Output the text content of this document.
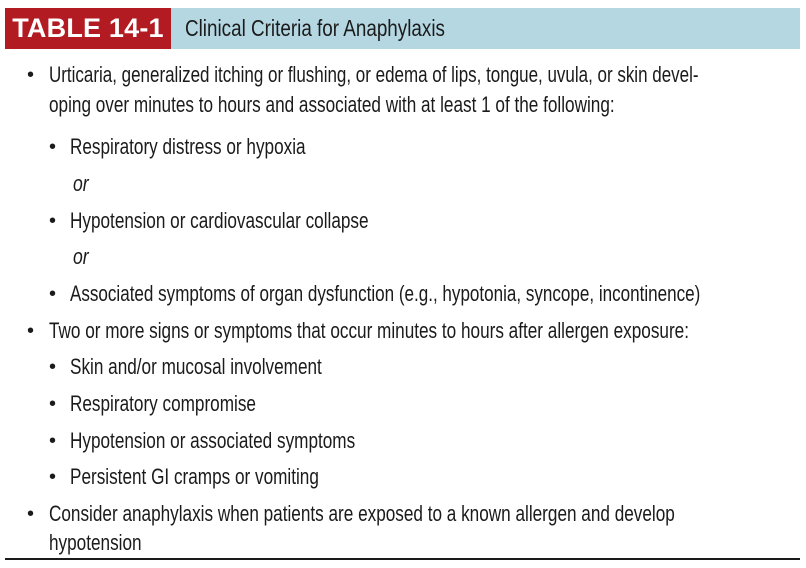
TABLE 14-1 Clinical Criteria for Anaphylaxis
• Urticaria, generalized itching or flushing, or edema of lips, tongue, uvula, or skin devel-
oping over minutes to hours and associated with at least 1 of the following:
• Respiratory distress or hypoxia
or
• Hypotension or cardiovascular collapse
or
• Associated symptoms of organ dysfunction (e.g., hypotonia, syncope, incontinence)
• Two or more signs or symptoms that occur minutes to hours after allergen exposure:
• Skin and/or mucosal involvement
• Respiratory compromise
• Hypotension or associated symptoms
• Persistent GI cramps or vomiting
• Consider anaphylaxis when patients are exposed to a known allergen and develop
hypotension
